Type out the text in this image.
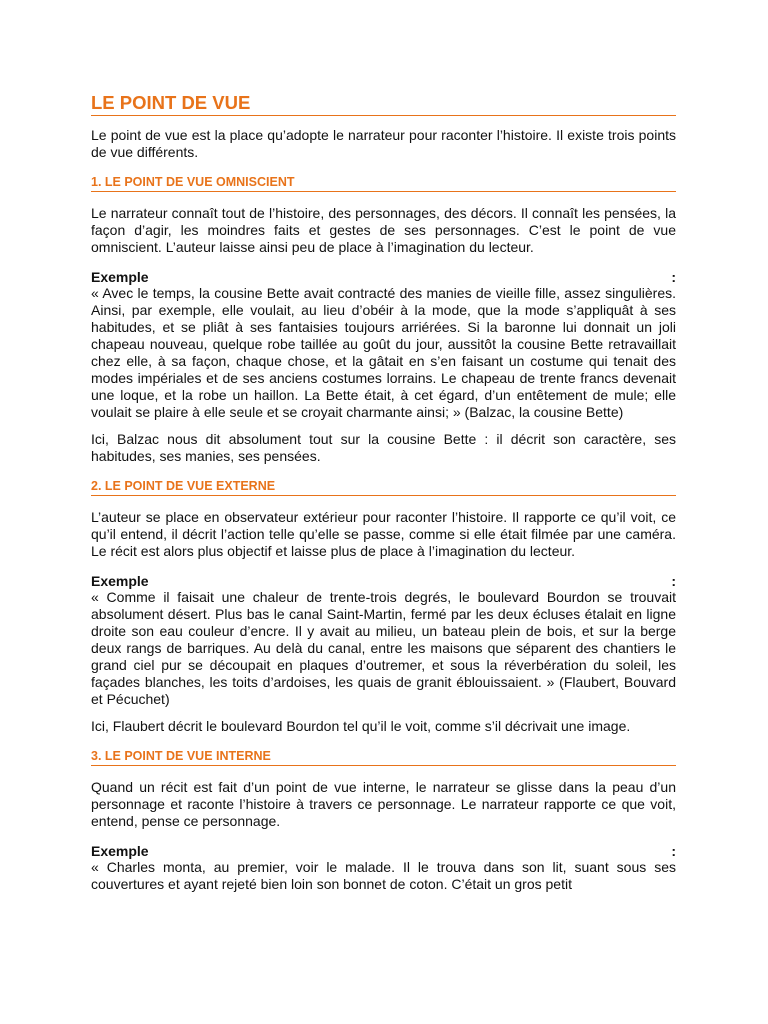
LE POINT DE VUE

Le point de vue est la place qu’adopte le narrateur pour raconter l’histoire. Il existe trois points de vue différents.

1. LE POINT DE VUE OMNISCIENT

Le narrateur connaît tout de l’histoire, des personnages, des décors. Il connaît les pensées, la façon d’agir, les moindres faits et gestes de ses personnages. C’est le point de vue omniscient. L’auteur laisse ainsi peu de place à l’imagination du lecteur.

Exemple	:

« Avec le temps, la cousine Bette avait contracté des manies de vieille fille, assez singulières. Ainsi, par exemple, elle voulait, au lieu d’obéir à la mode, que la mode s’appliquât à ses habitudes, et se pliât à ses fantaisies toujours arriérées. Si la baronne lui donnait un joli chapeau nouveau, quelque robe taillée au goût du jour, aussitôt la cousine Bette retravaillait chez elle, à sa façon, chaque chose, et la gâtait en s’en faisant un costume qui tenait des modes impériales et de ses anciens costumes lorrains. Le chapeau de trente francs devenait une loque, et la robe un haillon. La Bette était, à cet égard, d’un entêtement de mule; elle voulait se plaire à elle seule et se croyait charmante ainsi; » (Balzac, la cousine Bette)

Ici, Balzac nous dit absolument tout sur la cousine Bette : il décrit son caractère, ses habitudes, ses manies, ses pensées.

2. LE POINT DE VUE EXTERNE

L’auteur se place en observateur extérieur pour raconter l’histoire. Il rapporte ce qu’il voit, ce qu’il entend, il décrit l’action telle qu’elle se passe, comme si elle était filmée par une caméra. Le récit est alors plus objectif et laisse plus de place à l’imagination du lecteur.

Exemple	:

« Comme il faisait une chaleur de trente-trois degrés, le boulevard Bourdon se trouvait absolument désert. Plus bas le canal Saint-Martin, fermé par les deux écluses étalait en ligne droite son eau couleur d’encre. Il y avait au milieu, un bateau plein de bois, et sur la berge deux rangs de barriques. Au delà du canal, entre les maisons que séparent des chantiers le grand ciel pur se découpait en plaques d’outremer, et sous la réverbération du soleil, les façades blanches, les toits d’ardoises, les quais de granit éblouissaient. » (Flaubert, Bouvard et Pécuchet)

Ici, Flaubert décrit le boulevard Bourdon tel qu’il le voit, comme s’il décrivait une image.

3. LE POINT DE VUE INTERNE

Quand un récit est fait d’un point de vue interne, le narrateur se glisse dans la peau d’un personnage et raconte l’histoire à travers ce personnage. Le narrateur rapporte ce que voit, entend, pense ce personnage.

Exemple	:

« Charles monta, au premier, voir le malade. Il le trouva dans son lit, suant sous ses couvertures et ayant rejeté bien loin son bonnet de coton. C’était un gros petit
